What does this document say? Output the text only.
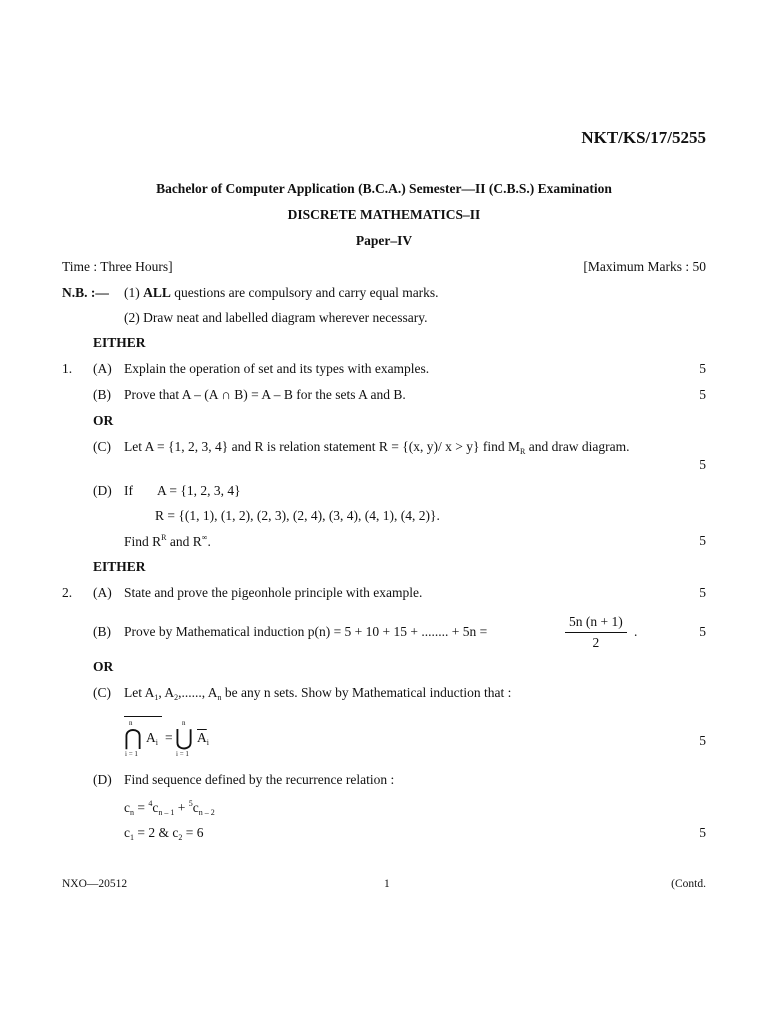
NKT/KS/17/5255
Bachelor of Computer Application (B.C.A.) Semester—II (C.B.S.) Examination
DISCRETE MATHEMATICS–II
Paper–IV
Time : Three Hours]	[Maximum Marks : 50
N.B. :— (1) ALL questions are compulsory and carry equal marks.
(2) Draw neat and labelled diagram wherever necessary.
EITHER
1. (A) Explain the operation of set and its types with examples.	5
(B) Prove that A – (A ∩ B) = A – B for the sets A and B.	5
OR
(C) Let A = {1, 2, 3, 4} and R is relation statement R = {(x, y)/ x > y} find $M_R$ and draw diagram.
5
(D) If A = {1, 2, 3, 4}
R = {(1, 1), (1, 2), (2, 3), (2, 4), (3, 4), (4, 1), (4, 2)}.
Find $R^R$ and R∞.	5
EITHER
2. (A) State and prove the pigeonhole principle with example.	5
(B) Prove by Mathematical induction p(n) = 5 + 10 + 15 + ........ + 5n =	$\frac{5n (n + 1)}{2}$ .	5
OR
(C) Let $A_1$, $A_2$,......, $A_n$ be any n sets. Show by Mathematical induction that :
n
⋂
i = 1
$A_i$ =
n
⋃
i = 1
$\overline{A}_i$	5
(D) Find sequence defined by the recurrence relation :
$c_n = ^4c_{n - 1} + ^5c_{n - 2}$
$c_1 = 2$ & $c_2 = 6$	5
NXO—20512	1	(Contd.
